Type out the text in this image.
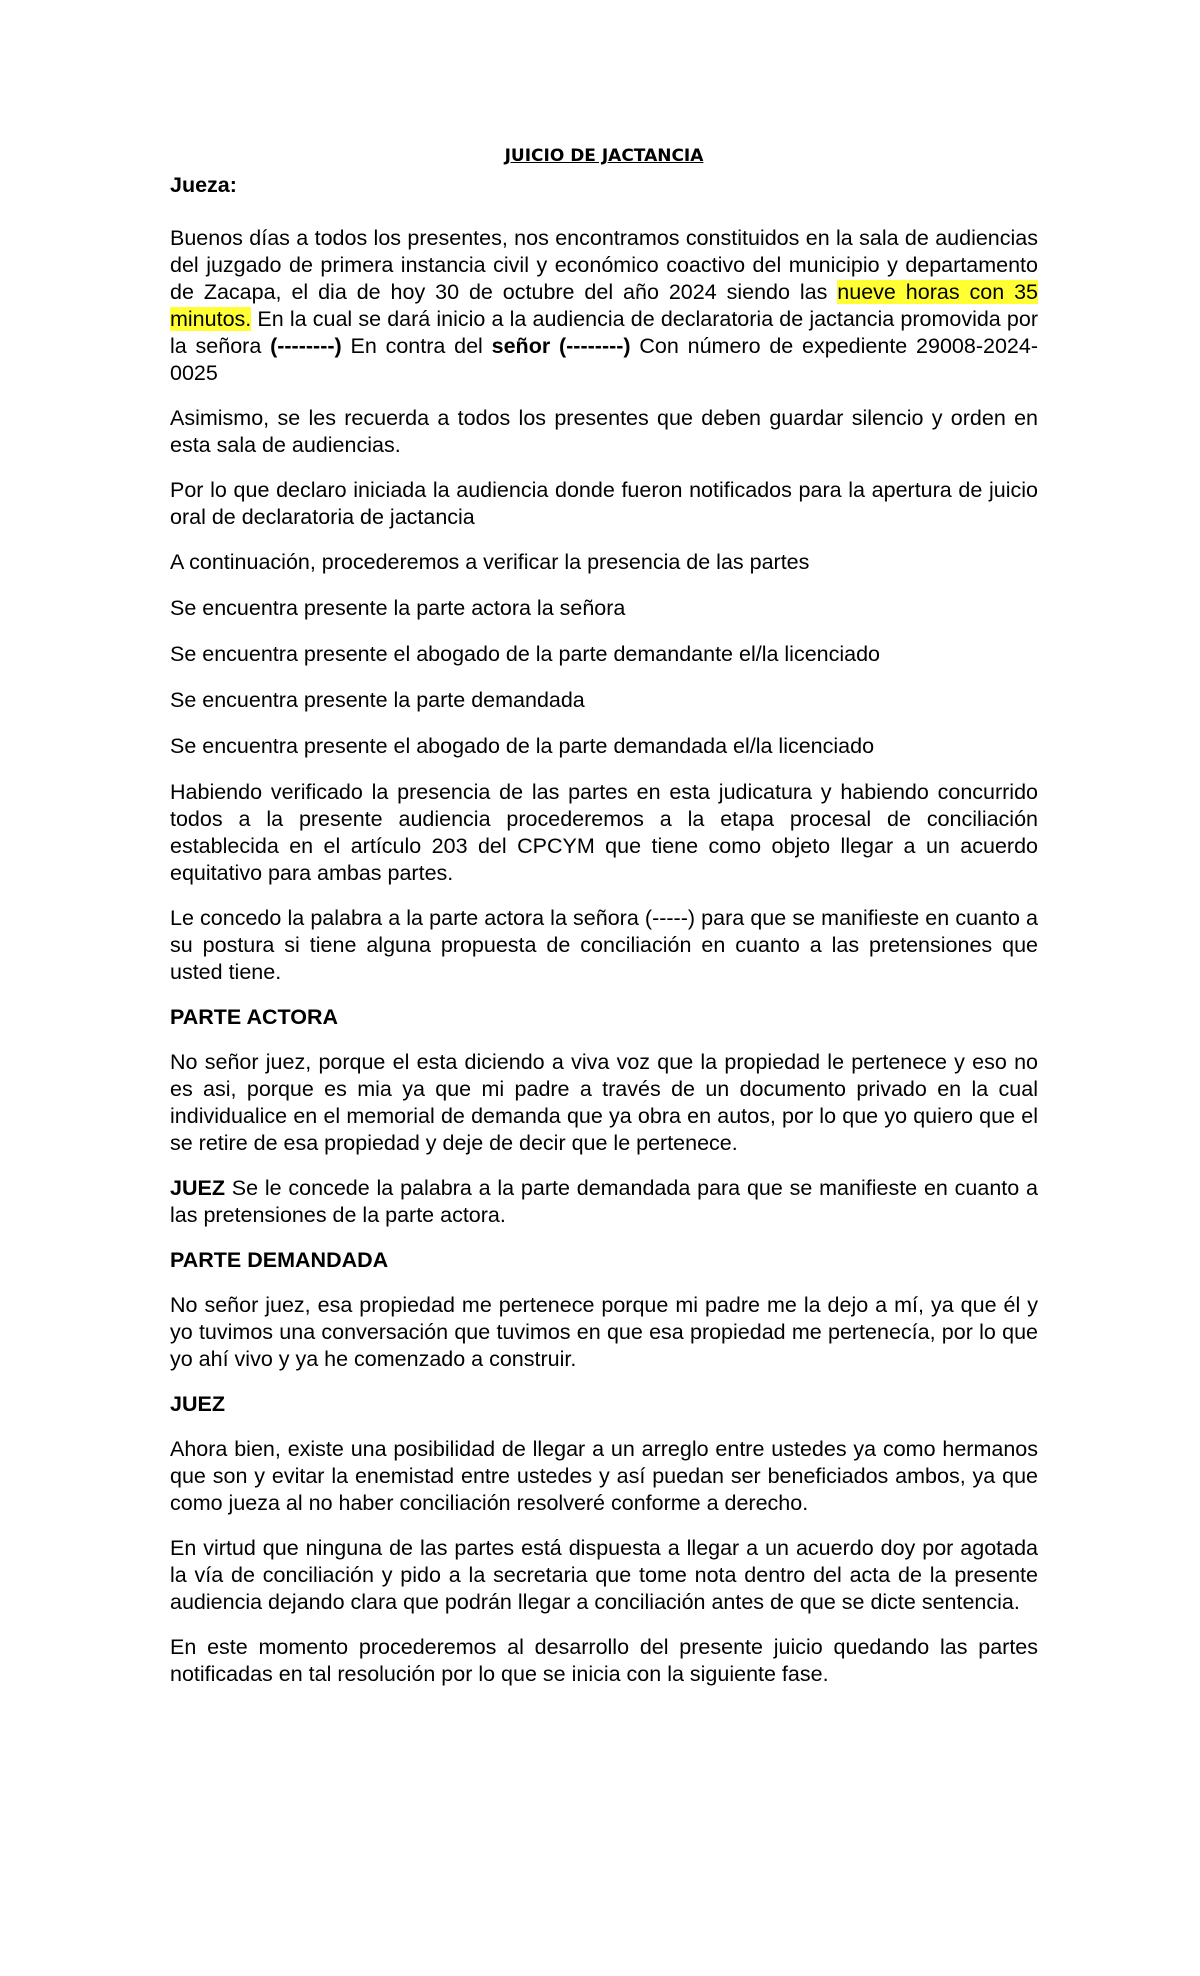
JUICIO DE JACTANCIA
Jueza:
Buenos días a todos los presentes, nos encontramos constituidos en la sala de audiencias del juzgado de primera instancia civil y económico coactivo del municipio y departamento de Zacapa, el dia de hoy 30 de octubre del año 2024 siendo las nueve horas con 35 minutos. En la cual se dará inicio a la audiencia de declaratoria de jactancia promovida por la señora (--------) En contra del señor (--------) Con número de expediente 29008-2024-0025
Asimismo, se les recuerda a todos los presentes que deben guardar silencio y orden en esta sala de audiencias.
Por lo que declaro iniciada la audiencia donde fueron notificados para la apertura de juicio oral de declaratoria de jactancia
A continuación, procederemos a verificar la presencia de las partes
Se encuentra presente la parte actora la señora
Se encuentra presente el abogado de la parte demandante el/la licenciado
Se encuentra presente la parte demandada
Se encuentra presente el abogado de la parte demandada el/la licenciado
Habiendo verificado la presencia de las partes en esta judicatura y habiendo concurrido todos a la presente audiencia procederemos a la etapa procesal de conciliación establecida en el artículo 203 del CPCYM que tiene como objeto llegar a un acuerdo equitativo para ambas partes.
Le concedo la palabra a la parte actora la señora (-----) para que se manifieste en cuanto a su postura si tiene alguna propuesta de conciliación en cuanto a las pretensiones que usted tiene.
PARTE ACTORA
No señor juez, porque el esta diciendo a viva voz que la propiedad le pertenece y eso no es asi, porque es mia ya que mi padre a través de un documento privado en la cual individualice en el memorial de demanda que ya obra en autos, por lo que yo quiero que el se retire de esa propiedad y deje de decir que le pertenece.
JUEZ Se le concede la palabra a la parte demandada para que se manifieste en cuanto a las pretensiones de la parte actora.
PARTE DEMANDADA
No señor juez, esa propiedad me pertenece porque mi padre me la dejo a mí, ya que él y yo tuvimos una conversación que tuvimos en que esa propiedad me pertenecía, por lo que yo ahí vivo y ya he comenzado a construir.
JUEZ
Ahora bien, existe una posibilidad de llegar a un arreglo entre ustedes ya como hermanos que son y evitar la enemistad entre ustedes y así puedan ser beneficiados ambos, ya que como jueza al no haber conciliación resolveré conforme a derecho.
En virtud que ninguna de las partes está dispuesta a llegar a un acuerdo doy por agotada la vía de conciliación y pido a la secretaria que tome nota dentro del acta de la presente audiencia dejando clara que podrán llegar a conciliación antes de que se dicte sentencia.
En este momento procederemos al desarrollo del presente juicio quedando las partes notificadas en tal resolución por lo que se inicia con la siguiente fase.
